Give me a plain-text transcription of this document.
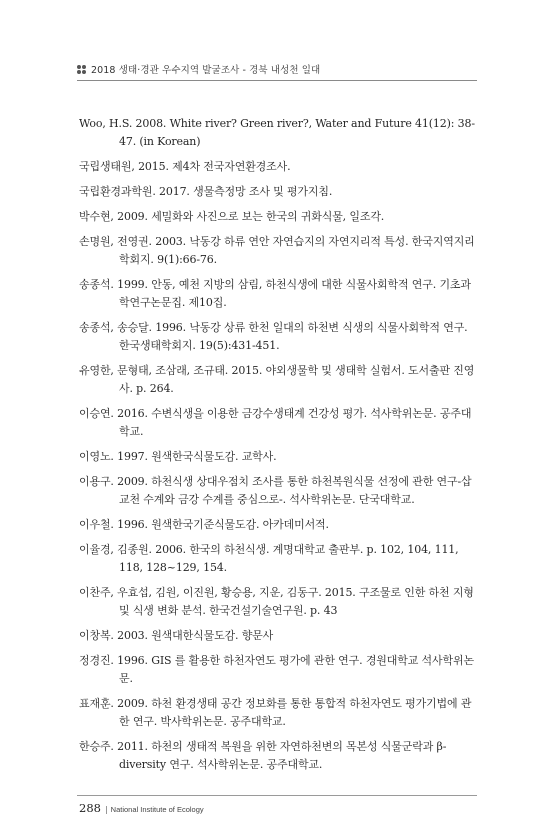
2018 생태·경관 우수지역 발굴조사 - 경북 내성천 일대

Woo, H.S. 2008. White river? Green river?, Water and Future 41(12): 38-47. (in Korean)

국립생태원, 2015. 제4차 전국자연환경조사.

국립환경과학원. 2017. 생물측정망 조사 및 평가지침.

박수현, 2009. 세밀화와 사진으로 보는 한국의 귀화식물, 일조각.

손명원, 전영권. 2003. 낙동강 하류 연안 자연습지의 자연지리적 특성. 한국지역지리학회지. 9(1):66-76.

송종석. 1999. 안동, 예천 지방의 삼림, 하천식생에 대한 식물사회학적 연구. 기초과학연구논문집. 제10집.

송종석, 송승달. 1996. 낙동강 상류 한천 일대의 하천변 식생의 식물사회학적 연구. 한국생태학회지. 19(5):431-451.

유영한, 문형태, 조삼래, 조규태. 2015. 야외생물학 및 생태학 실험서. 도서출판 진영사. p. 264.

이승연. 2016. 수변식생을 이용한 금강수생태계 건강성 평가. 석사학위논문. 공주대학교.

이영노. 1997. 원색한국식물도감. 교학사.

이용구. 2009. 하천식생 상대우점치 조사를 통한 하천복원식물 선정에 관한 연구-삽교천 수계와 금강 수계를 중심으로-. 석사학위논문. 단국대학교.

이우철. 1996. 원색한국기준식물도감. 아카데미서적.

이율경, 김종원. 2006. 한국의 하천식생. 계명대학교 출판부. p. 102, 104, 111, 118, 128~129, 154.

이찬주, 우효섭, 김원, 이진원, 황승용, 지운, 김동구. 2015. 구조물로 인한 하천 지형 및 식생 변화 분석. 한국건설기술연구원. p. 43

이창복. 2003. 원색대한식물도감. 향문사

정경진. 1996. GIS 를 활용한 하천자연도 평가에 관한 연구. 경원대학교 석사학위논문.

표재훈. 2009. 하천 환경생태 공간 정보화를 통한 통합적 하천자연도 평가기법에 관한 연구. 박사학위논문. 공주대학교.

한승주. 2011. 하천의 생태적 복원을 위한 자연하천변의 목본성 식물군락과 β-diversity 연구. 석사학위논문. 공주대학교.

288 | National Institute of Ecology
